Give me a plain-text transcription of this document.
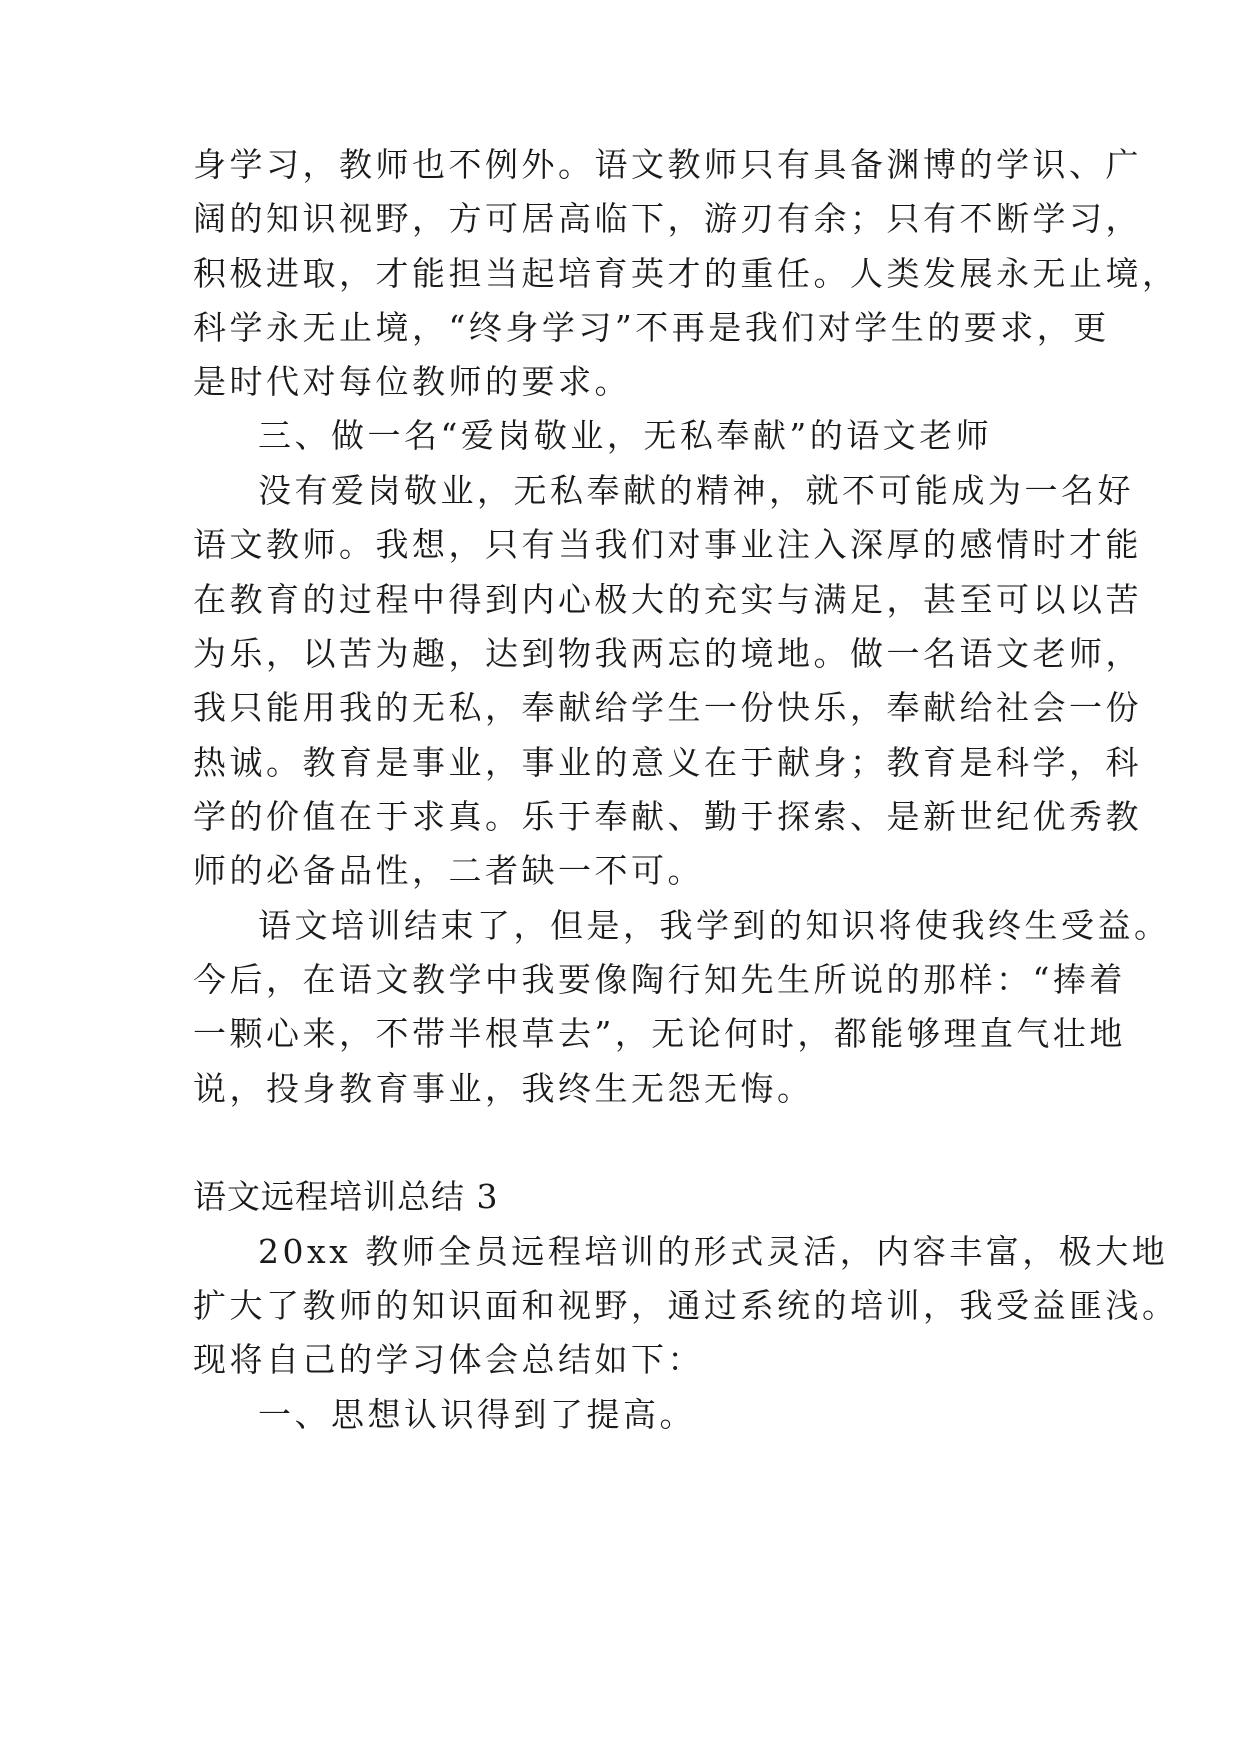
身学习，教师也不例外。语文教师只有具备渊博的学识、广
阔的知识视野，方可居高临下，游刃有余；只有不断学习，
积极进取，才能担当起培育英才的重任。人类发展永无止境，
科学永无止境，“终身学习”不再是我们对学生的要求，更
是时代对每位教师的要求。
三、做一名“爱岗敬业，无私奉献”的语文老师
没有爱岗敬业，无私奉献的精神，就不可能成为一名好
语文教师。我想，只有当我们对事业注入深厚的感情时才能
在教育的过程中得到内心极大的充实与满足，甚至可以以苦
为乐，以苦为趣，达到物我两忘的境地。做一名语文老师，
我只能用我的无私，奉献给学生一份快乐，奉献给社会一份
热诚。教育是事业，事业的意义在于献身；教育是科学，科
学的价值在于求真。乐于奉献、勤于探索、是新世纪优秀教
师的必备品性，二者缺一不可。
语文培训结束了，但是，我学到的知识将使我终生受益。
今后，在语文教学中我要像陶行知先生所说的那样：“捧着
一颗心来，不带半根草去”，无论何时，都能够理直气壮地
说，投身教育事业，我终生无怨无悔。
语文远程培训总结 3
20xx 教师全员远程培训的形式灵活，内容丰富，极大地
扩大了教师的知识面和视野，通过系统的培训，我受益匪浅。
现将自己的学习体会总结如下：
一、思想认识得到了提高。
